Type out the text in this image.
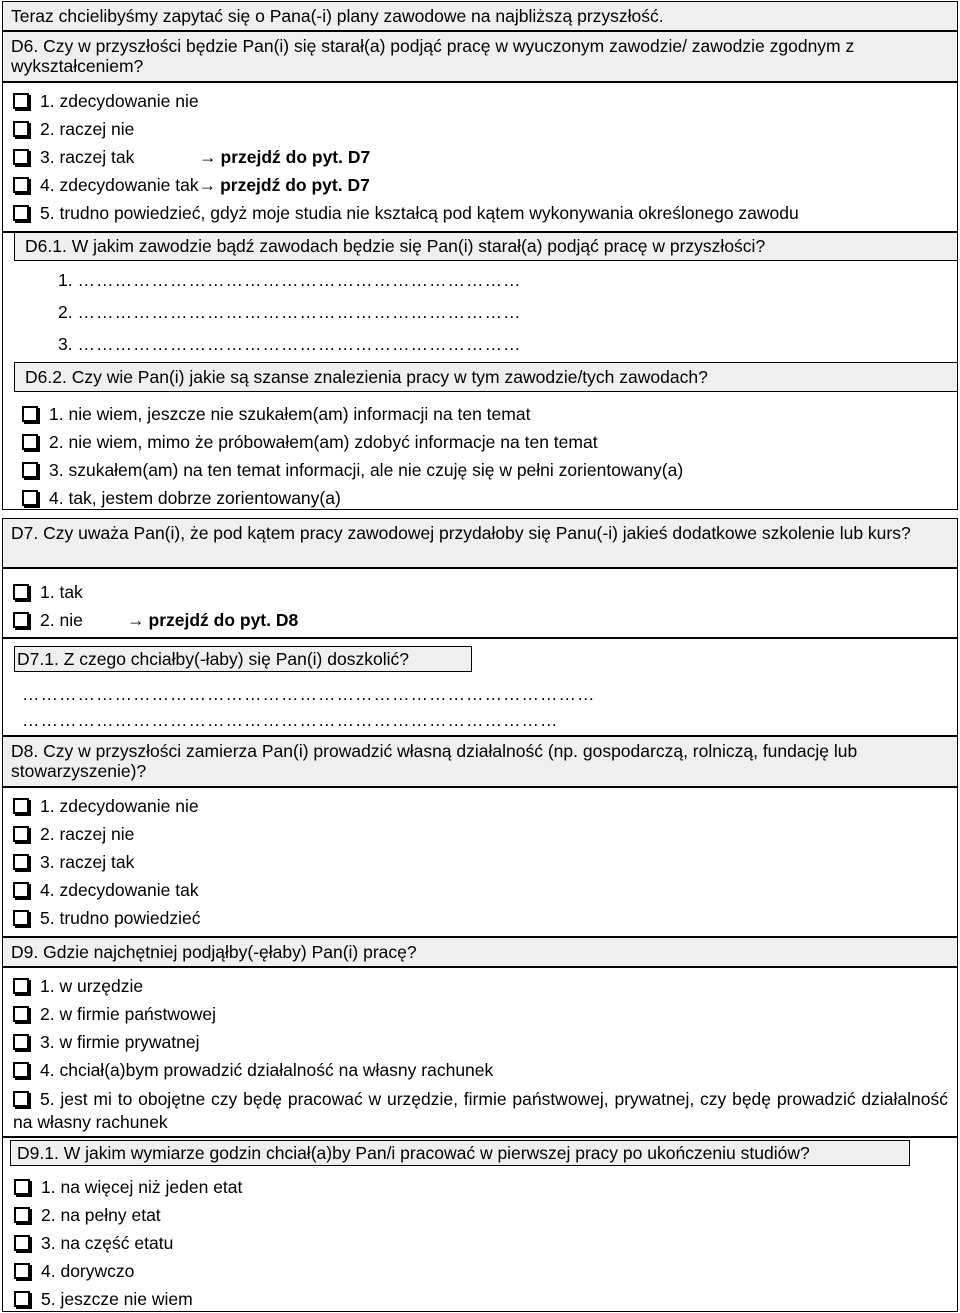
Teraz chcielibyśmy zapytać się o Pana(-i) plany zawodowe na najbliższą przyszłość.
D6. Czy w przyszłości będzie Pan(i) się starał(a) podjąć pracę w wyuczonym zawodzie/ zawodzie zgodnym z wykształceniem?
1. zdecydowanie nie
2. raczej nie
3. raczej tak	→ przejdź do pyt. D7
4. zdecydowanie tak→ przejdź do pyt. D7
5. trudno powiedzieć, gdyż moje studia nie kształcą pod kątem wykonywania określonego zawodu
D6.1. W jakim zawodzie bądź zawodach będzie się Pan(i) starał(a) podjąć pracę w przyszłości?
1. ………………………………………………………………
2. ………………………………………………………………
3. ………………………………………………………………
D6.2. Czy wie Pan(i) jakie są szanse znalezienia pracy w tym zawodzie/tych zawodach?
1. nie wiem, jeszcze nie szukałem(am) informacji na ten temat
2. nie wiem, mimo że próbowałem(am) zdobyć informacje na ten temat
3. szukałem(am) na ten temat informacji, ale nie czuję się w pełni zorientowany(a)
4. tak, jestem dobrze zorientowany(a)
D7. Czy uważa Pan(i), że pod kątem pracy zawodowej przydałoby się Panu(-i) jakieś dodatkowe szkolenie lub kurs?
1. tak
2. nie	→ przejdź do pyt. D8
D7.1. Z czego chciałby(-łaby) się Pan(i) doszkolić?
…………………………………………………………………………………
……………………………………………………………………………
D8. Czy w przyszłości zamierza Pan(i) prowadzić własną działalność (np. gospodarczą, rolniczą, fundację lub stowarzyszenie)?
1. zdecydowanie nie
2. raczej nie
3. raczej tak
4. zdecydowanie tak
5. trudno powiedzieć
D9. Gdzie najchętniej podjąłby(-ęłaby) Pan(i) pracę?
1. w urzędzie
2. w firmie państwowej
3. w firmie prywatnej
4. chciał(a)bym prowadzić działalność na własny rachunek
5. jest mi to obojętne czy będę pracować w urzędzie, firmie państwowej, prywatnej, czy będę prowadzić działalność na własny rachunek
D9.1. W jakim wymiarze godzin chciał(a)by Pan/i pracować w pierwszej pracy po ukończeniu studiów?
1. na więcej niż jeden etat
2. na pełny etat
3. na część etatu
4. dorywczo
5. jeszcze nie wiem
